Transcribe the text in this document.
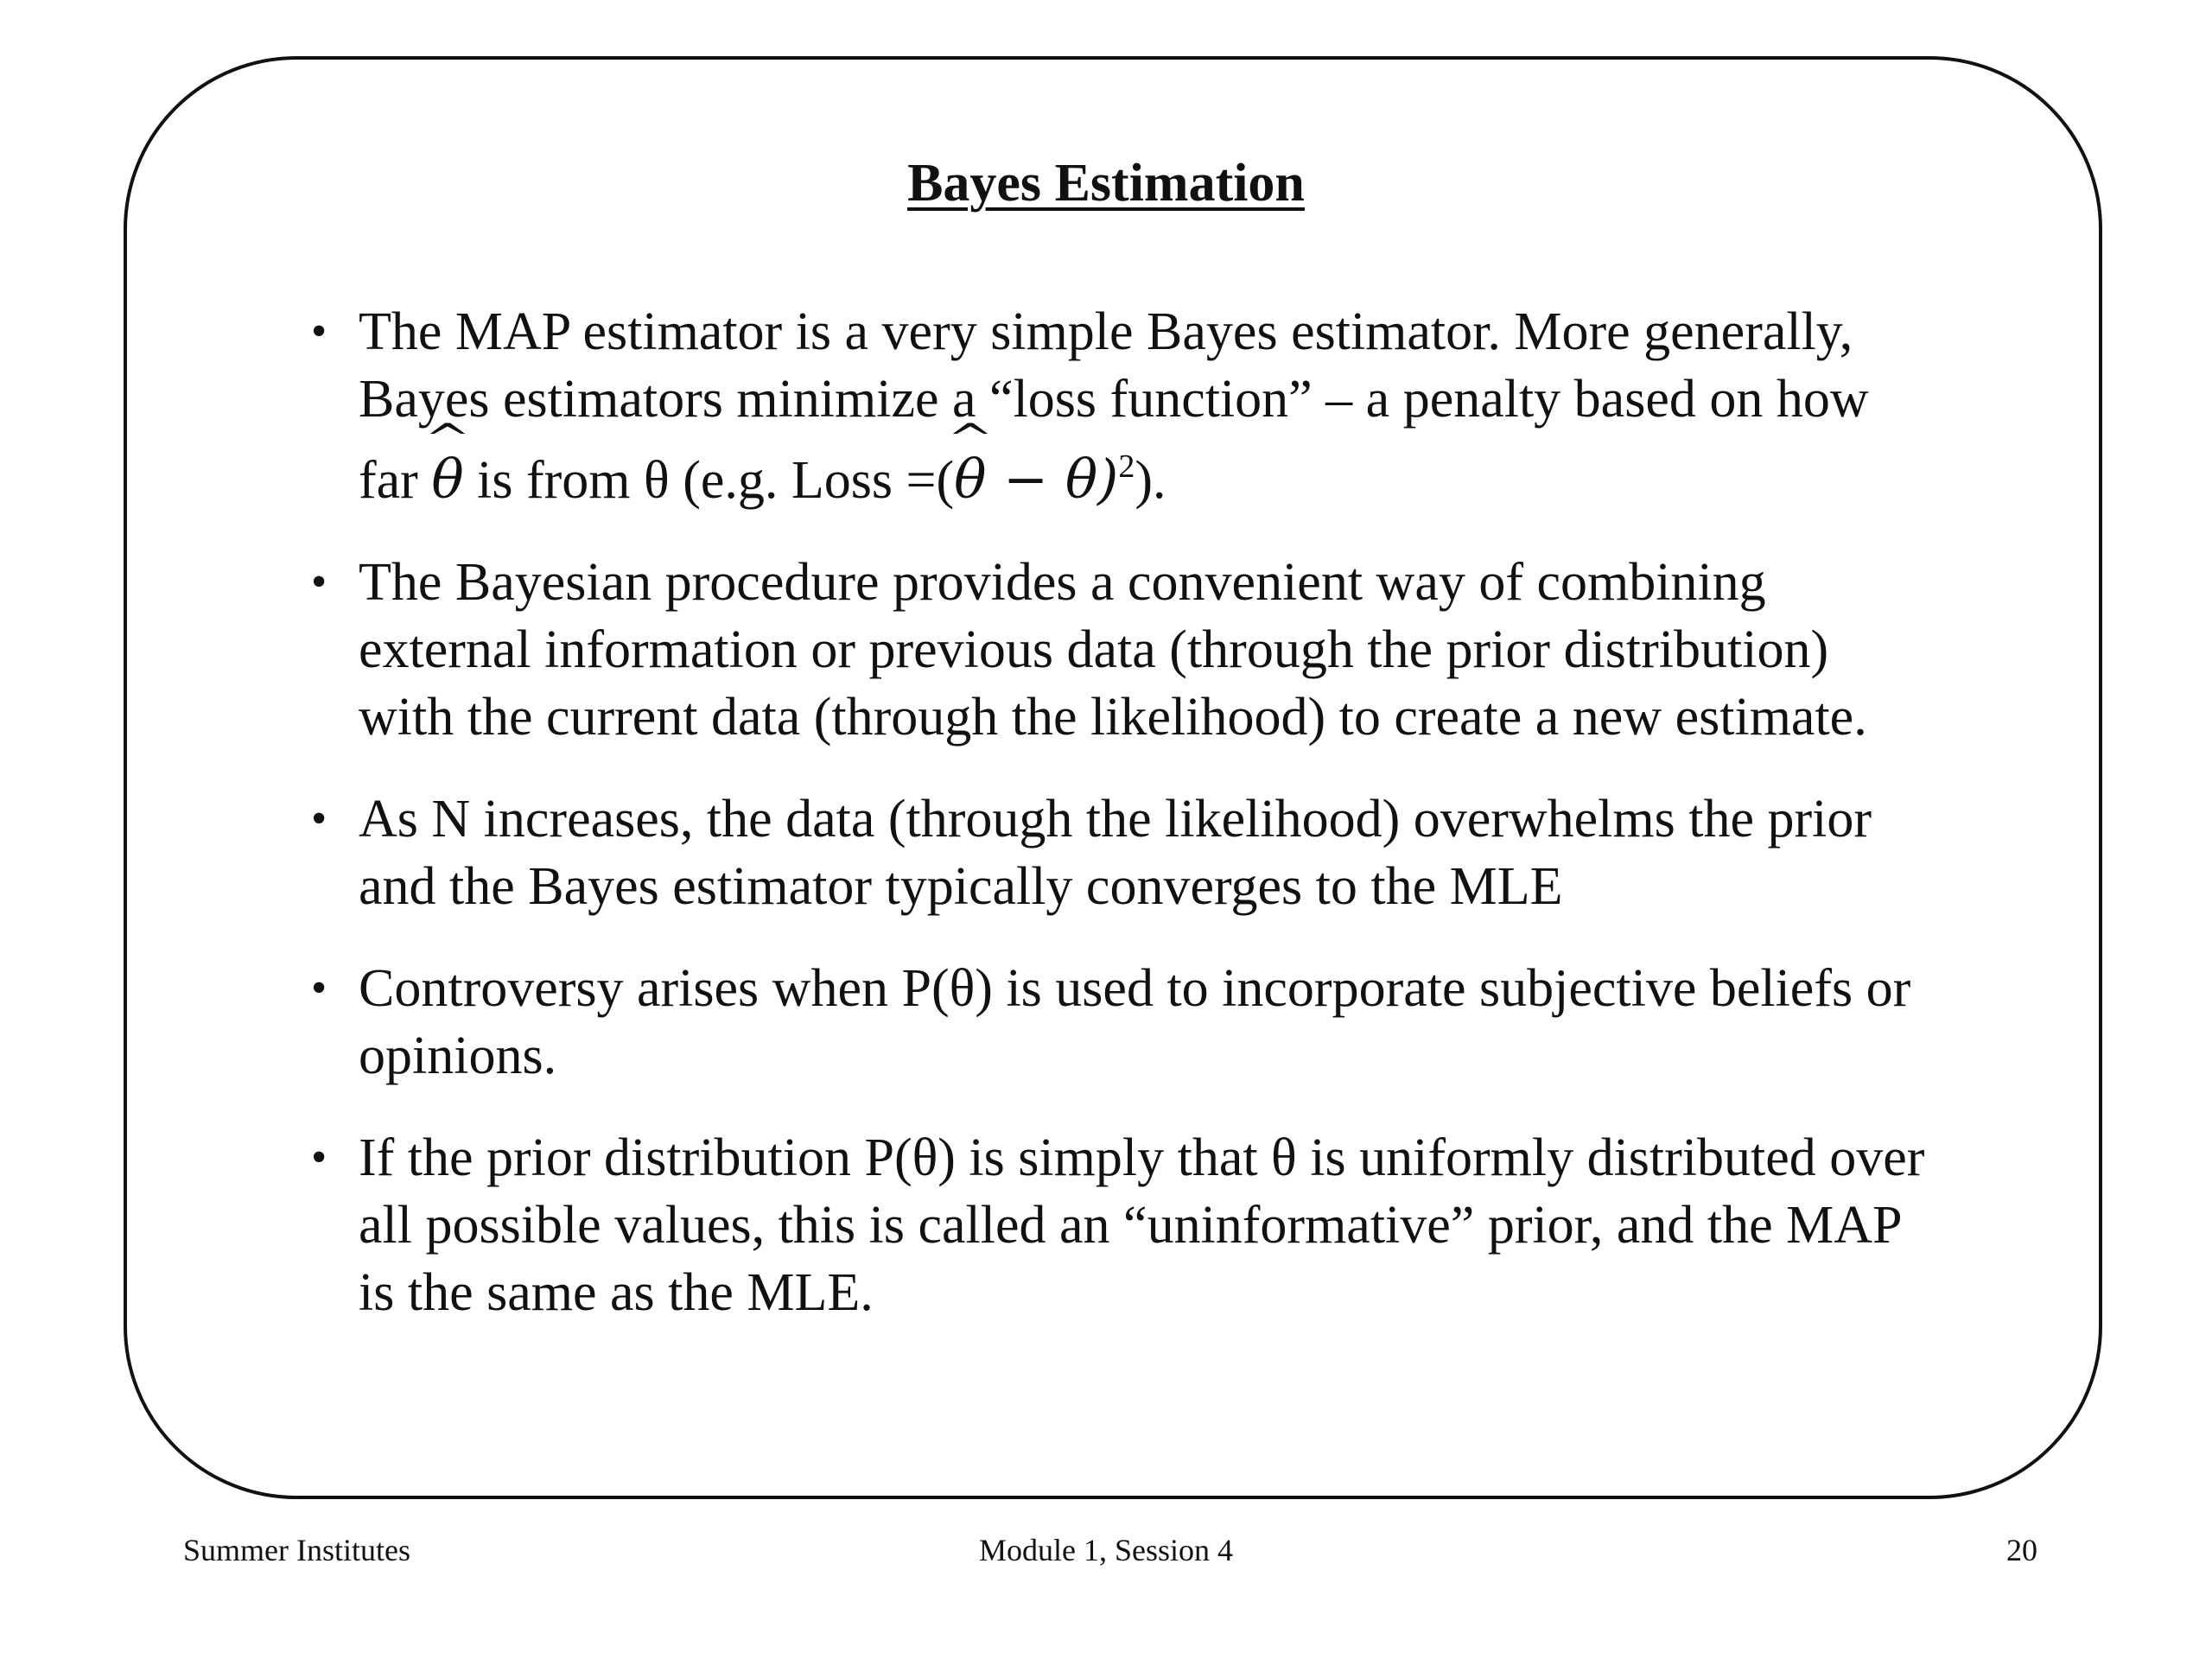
Bayes Estimation
• The MAP estimator is a very simple Bayes estimator. More generally, Bayes estimators minimize a “loss function” – a penalty based on how far ^ θ is from θ (e.g. Loss =(^ θ − θ)$^2$).
• The Bayesian procedure provides a convenient way of combining external information or previous data (through the prior distribution) with the current data (through the likelihood) to create a new estimate.
• As N increases, the data (through the likelihood) overwhelms the prior and the Bayes estimator typically converges to the MLE
• Controversy arises when P(θ) is used to incorporate subjective beliefs or opinions.
• If the prior distribution P(θ) is simply that θ is uniformly distributed over all possible values, this is called an “uninformative” prior, and the MAP is the same as the MLE.
Summer Institutes	Module 1, Session 4	20
